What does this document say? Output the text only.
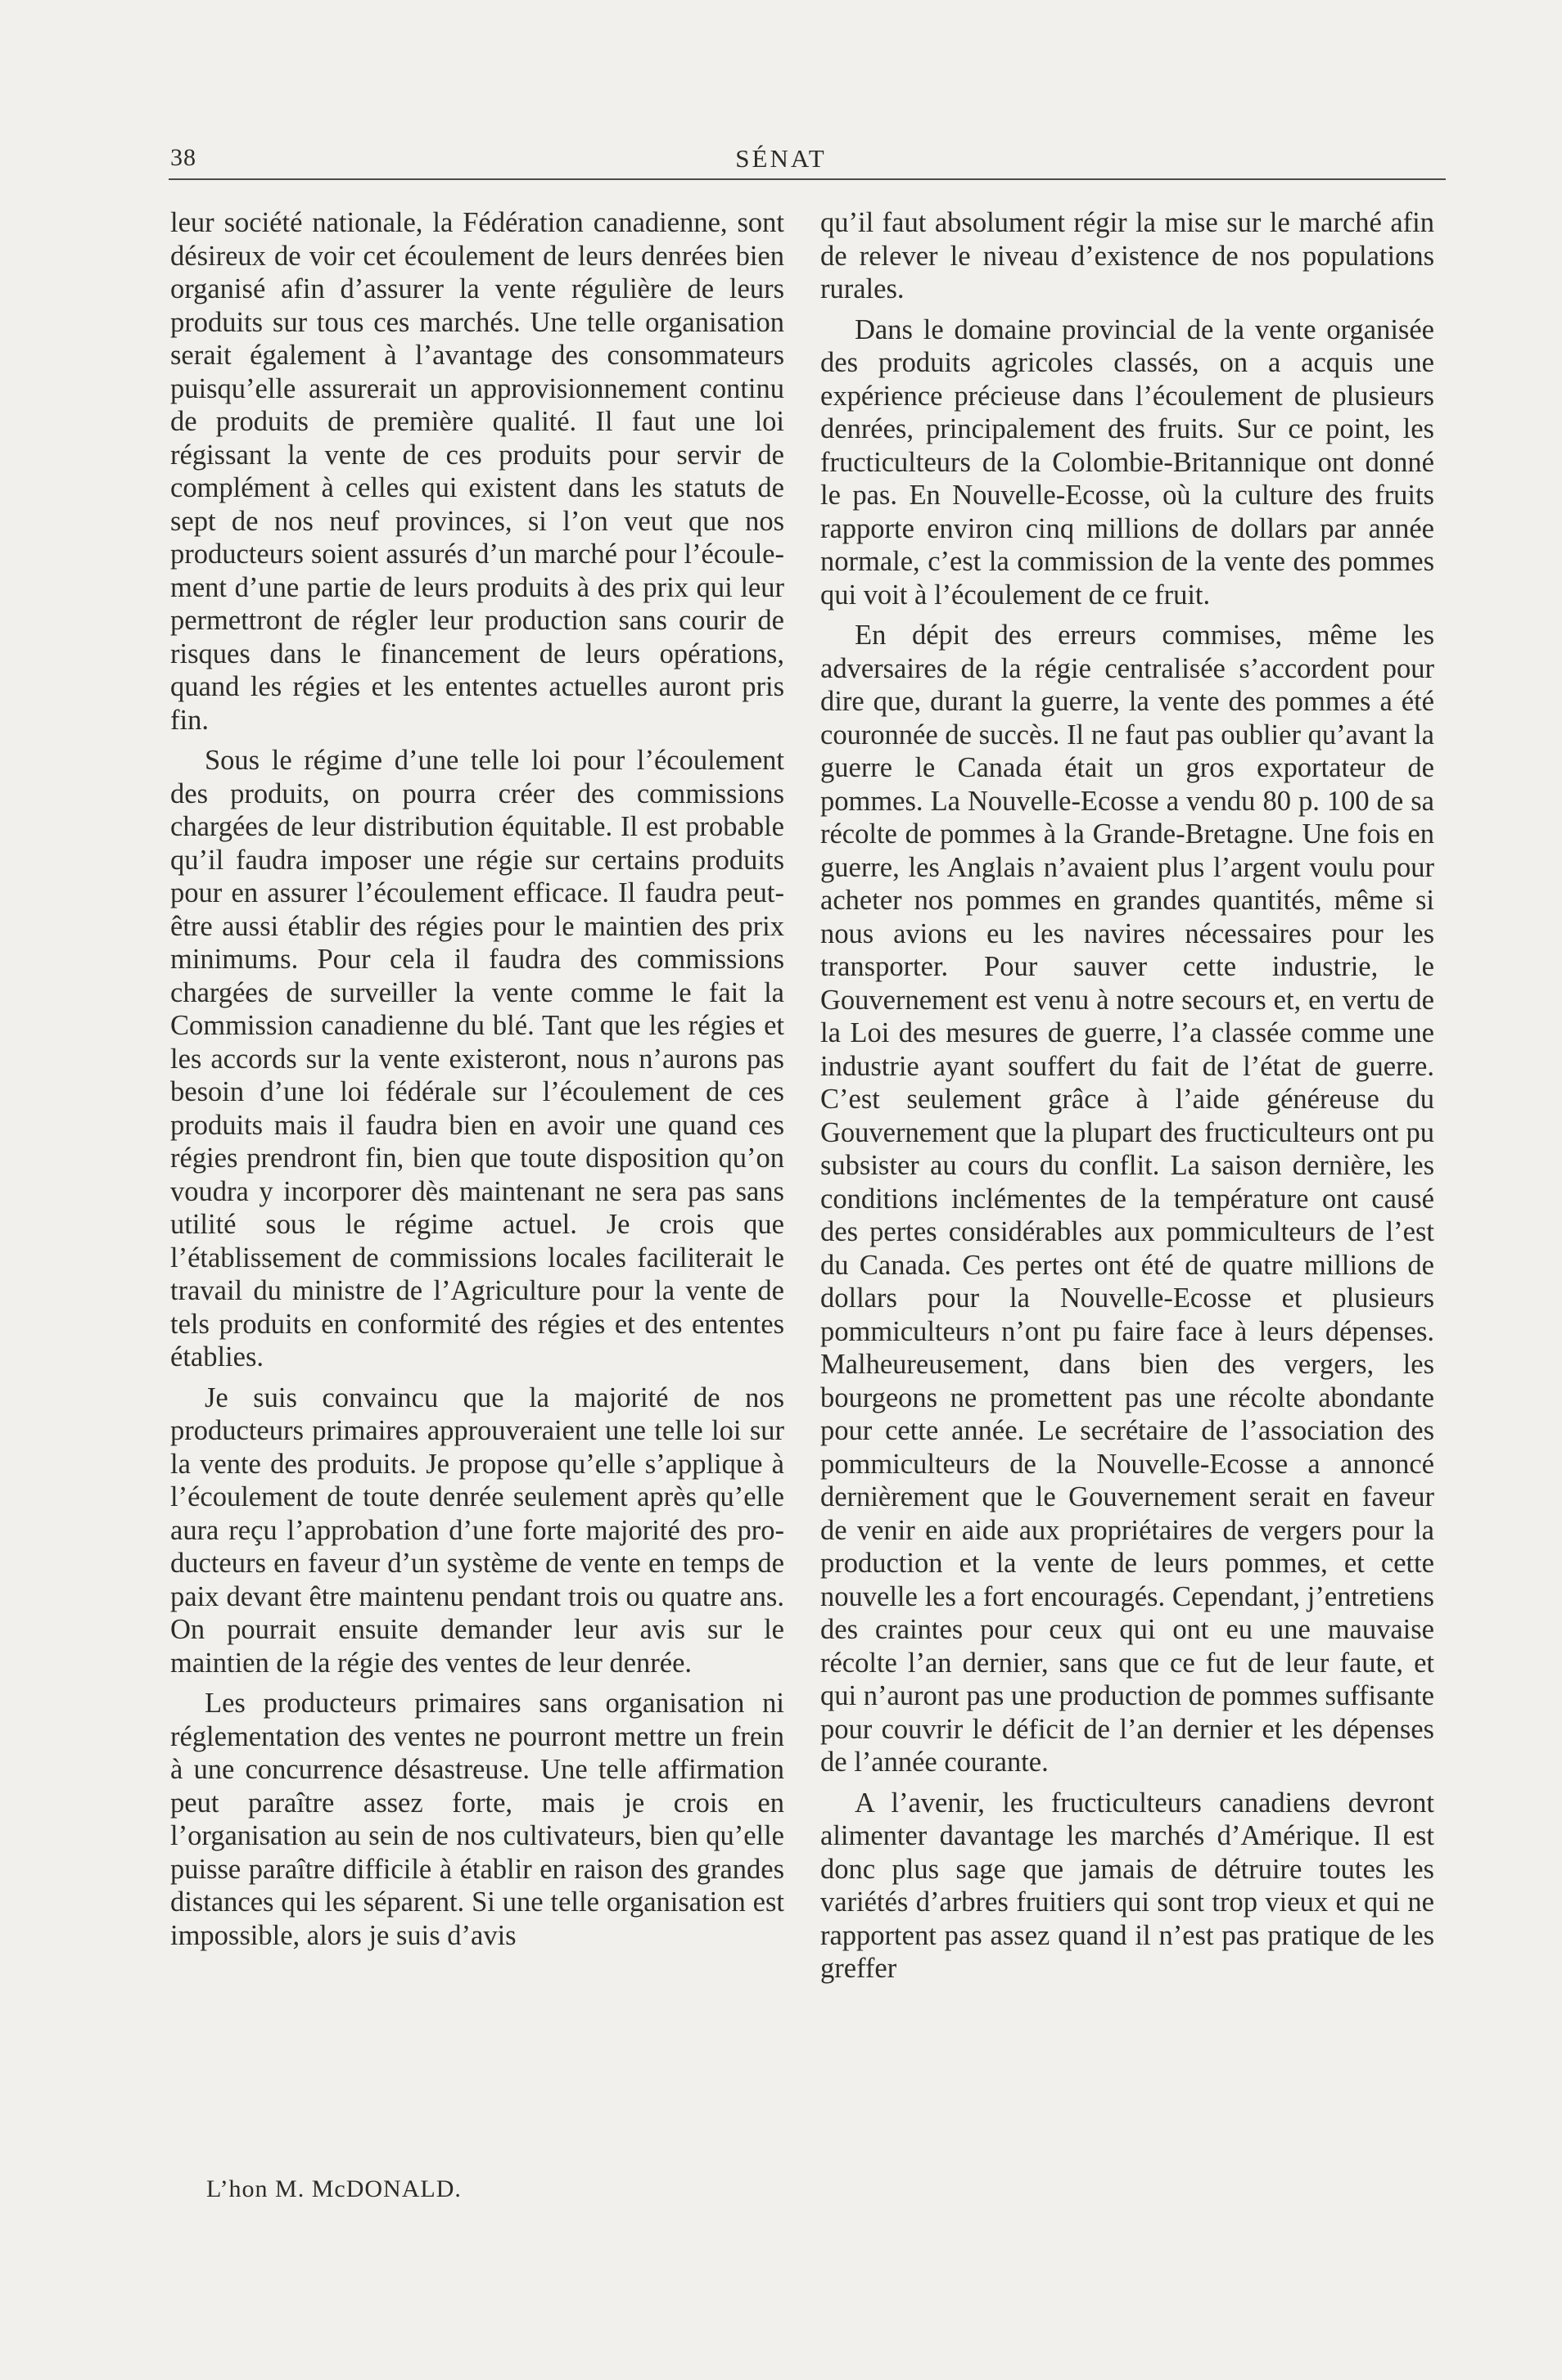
38	SÉNAT

leur société nationale, la Fédération canadienne, sont désireux de voir cet écoulement de leurs denrées bien organisé afin d’assurer la vente régulière de leurs produits sur tous ces marchés. Une telle organisation serait également à l’avantage des consommateurs puisqu’elle assurerait un approvisionnement continu de produits de première qualité. Il faut une loi régissant la vente de ces produits pour servir de complément à celles qui existent dans les statuts de sept de nos neuf provinces, si l’on veut que nos producteurs soient assurés d’un marché pour l’écoulement d’une partie de leurs produits à des prix qui leur permettront de régler leur production sans courir de risques dans le financement de leurs opérations, quand les régies et les ententes actuelles auront pris fin.

Sous le régime d’une telle loi pour l’écoulement des produits, on pourra créer des commissions chargées de leur distribution équitable. Il est probable qu’il faudra imposer une régie sur certains produits pour en assurer l’écoulement efficace. Il faudra peut-être aussi établir des régies pour le maintien des prix minimums. Pour cela il faudra des commissions chargées de surveiller la vente comme le fait la Commission canadienne du blé. Tant que les régies et les accords sur la vente existeront, nous n’aurons pas besoin d’une loi fédérale sur l’écoulement de ces produits mais il faudra bien en avoir une quand ces régies prendront fin, bien que toute disposition qu’on voudra y incorporer dès maintenant ne sera pas sans utilité sous le régime actuel. Je crois que l’établissement de commissions locales faciliterait le travail du ministre de l’Agriculture pour la vente de tels produits en conformité des régies et des ententes établies.

Je suis convaincu que la majorité de nos producteurs primaires approuveraient une telle loi sur la vente des produits. Je propose qu’elle s’applique à l’écoulement de toute denrée seulement après qu’elle aura reçu l’approbation d’une forte majorité des producteurs en faveur d’un système de vente en temps de paix devant être maintenu pendant trois ou quatre ans. On pourrait ensuite demander leur avis sur le maintien de la régie des ventes de leur denrée.

Les producteurs primaires sans organisation ni réglementation des ventes ne pourront mettre un frein à une concurrence désastreuse. Une telle affirmation peut paraître assez forte, mais je crois en l’organisation au sein de nos cultivateurs, bien qu’elle puisse paraître difficile à établir en raison des grandes distances qui les séparent. Si une telle organisation est impossible, alors je suis d’avis

qu’il faut absolument régir la mise sur le marché afin de relever le niveau d’existence de nos populations rurales.

Dans le domaine provincial de la vente organisée des produits agricoles classés, on a acquis une expérience précieuse dans l’écoulement de plusieurs denrées, principalement des fruits. Sur ce point, les fructiculteurs de la Colombie-Britannique ont donné le pas. En Nouvelle-Ecosse, où la culture des fruits rapporte environ cinq millions de dollars par année normale, c’est la commission de la vente des pommes qui voit à l’écoulement de ce fruit.

En dépit des erreurs commises, même les adversaires de la régie centralisée s’accordent pour dire que, durant la guerre, la vente des pommes a été couronnée de succès. Il ne faut pas oublier qu’avant la guerre le Canada était un gros exportateur de pommes. La Nouvelle-Ecosse a vendu 80 p. 100 de sa récolte de pommes à la Grande-Bretagne. Une fois en guerre, les Anglais n’avaient plus l’argent voulu pour acheter nos pommes en grandes quantités, même si nous avions eu les navires nécessaires pour les transporter. Pour sauver cette industrie, le Gouvernement est venu à notre secours et, en vertu de la Loi des mesures de guerre, l’a classée comme une industrie ayant souffert du fait de l’état de guerre. C’est seulement grâce à l’aide généreuse du Gouvernement que la plupart des fructiculteurs ont pu subsister au cours du conflit. La saison dernière, les conditions inclémentes de la température ont causé des pertes considérables aux pommiculteurs de l’est du Canada. Ces pertes ont été de quatre millions de dollars pour la Nouvelle-Ecosse et plusieurs pommiculteurs n’ont pu faire face à leurs dépenses. Malheureusement, dans bien des vergers, les bourgeons ne promettent pas une récolte abondante pour cette année. Le secrétaire de l’association des pommiculteurs de la Nouvelle-Ecosse a annoncé dernièrement que le Gouvernement serait en faveur de venir en aide aux propriétaires de vergers pour la production et la vente de leurs pommes, et cette nouvelle les a fort encouragés. Cependant, j’entretiens des craintes pour ceux qui ont eu une mauvaise récolte l’an dernier, sans que ce fut de leur faute, et qui n’auront pas une production de pommes suffisante pour couvrir le déficit de l’an dernier et les dépenses de l’année courante.

A l’avenir, les fructiculteurs canadiens devront alimenter davantage les marchés d’Amérique. Il est donc plus sage que jamais de détruire toutes les variétés d’arbres fruitiers qui sont trop vieux et qui ne rapportent pas assez quand il n’est pas pratique de les greffer

L’hon M. McDONALD.
